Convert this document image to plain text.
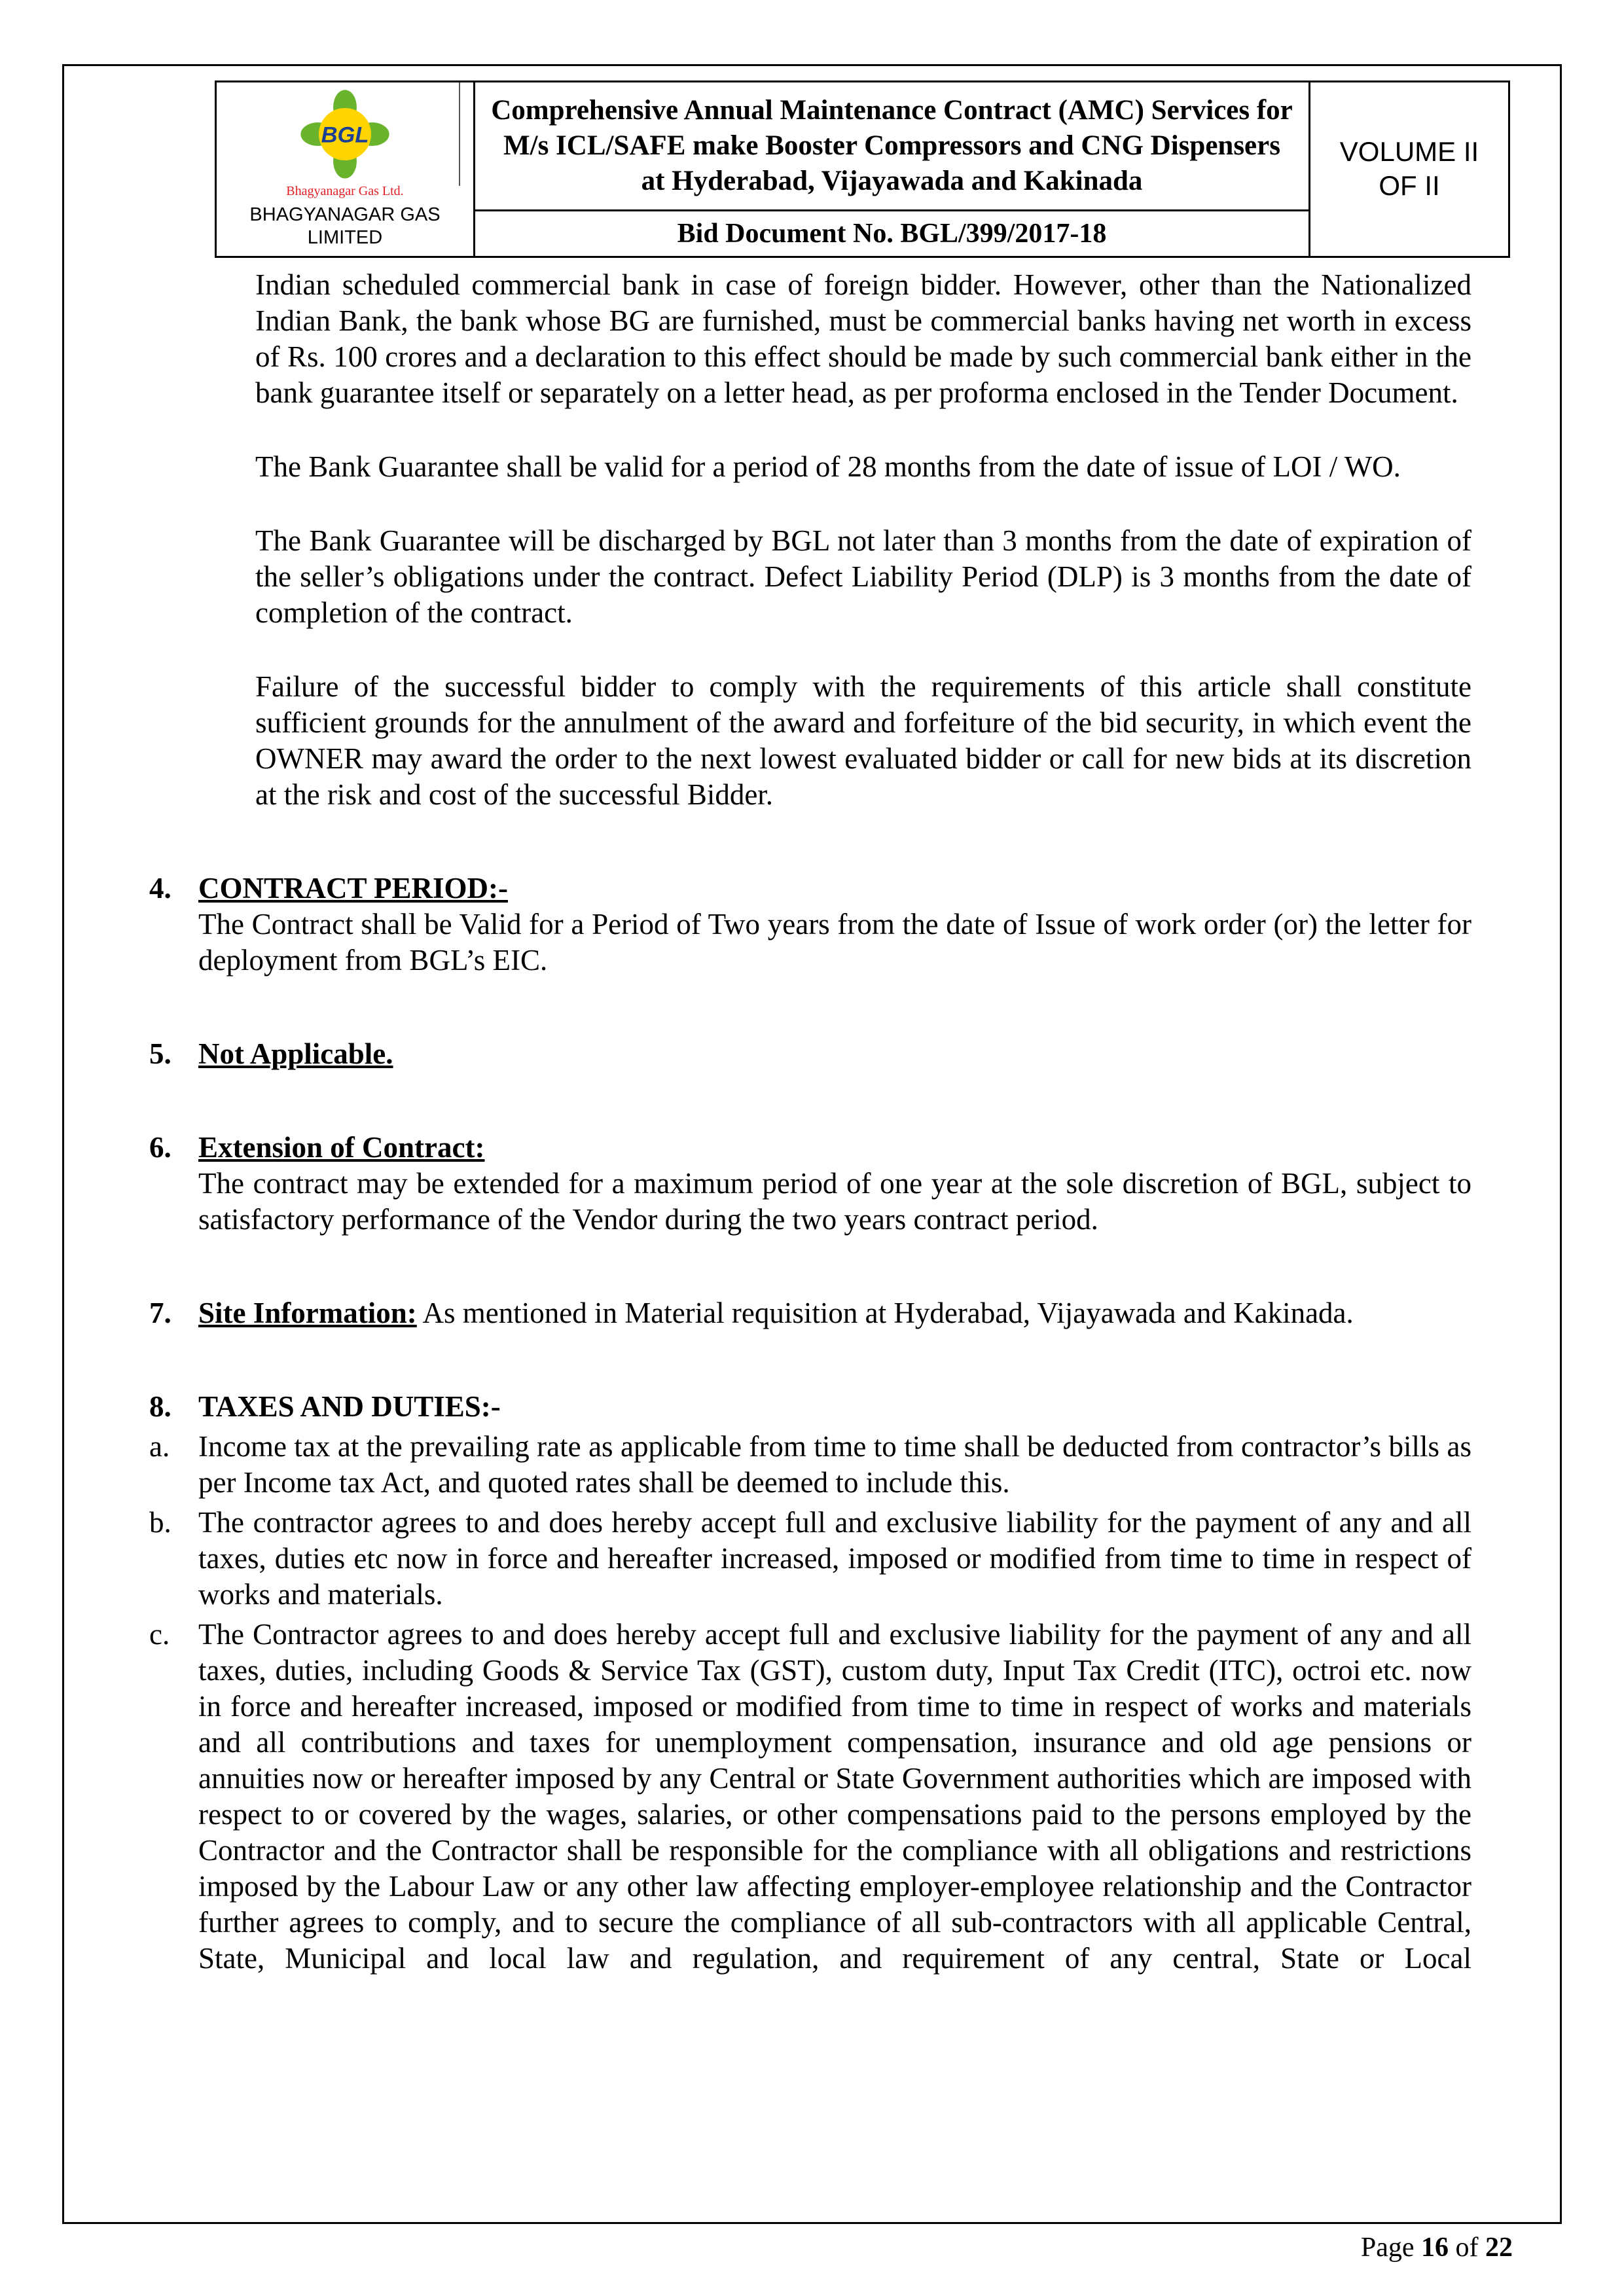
BGL
Bhagyanagar Gas Ltd.
BHAGYANAGAR GAS LIMITED

Comprehensive Annual Maintenance Contract (AMC) Services for M/s ICL/SAFE make Booster Compressors and CNG Dispensers at Hyderabad, Vijayawada and Kakinada

VOLUME II
OF II

Bid Document No. BGL/399/2017-18

Indian scheduled commercial bank in case of foreign bidder. However, other than the Nationalized Indian Bank, the bank whose BG are furnished, must be commercial banks having net worth in excess of Rs. 100 crores and a declaration to this effect should be made by such commercial bank either in the bank guarantee itself or separately on a letter head, as per proforma enclosed in the Tender Document.

The Bank Guarantee shall be valid for a period of 28 months from the date of issue of LOI / WO.

The Bank Guarantee will be discharged by BGL not later than 3 months from the date of expiration of the seller’s obligations under the contract. Defect Liability Period (DLP) is 3 months from the date of completion of the contract.

Failure of the successful bidder to comply with the requirements of this article shall constitute sufficient grounds for the annulment of the award and forfeiture of the bid security, in which event the OWNER may award the order to the next lowest evaluated bidder or call for new bids at its discretion at the risk and cost of the successful Bidder.

4. CONTRACT PERIOD:-

The Contract shall be Valid for a Period of Two years from the date of Issue of work order (or) the letter for deployment from BGL’s EIC.

5. Not Applicable.
6. Extension of Contract:

The contract may be extended for a maximum period of one year at the sole discretion of BGL, subject to satisfactory performance of the Vendor during the two years contract period.

7. Site Information: As mentioned in Material requisition at Hyderabad, Vijayawada and Kakinada.
8. TAXES AND DUTIES:-
a. Income tax at the prevailing rate as applicable from time to time shall be deducted from contractor’s bills as per Income tax Act, and quoted rates shall be deemed to include this.
b. The contractor agrees to and does hereby accept full and exclusive liability for the payment of any and all taxes, duties etc now in force and hereafter increased, imposed or modified from time to time in respect of works and materials.
c. The Contractor agrees to and does hereby accept full and exclusive liability for the payment of any and all taxes, duties, including Goods & Service Tax (GST), custom duty, Input Tax Credit (ITC), octroi etc. now in force and hereafter increased, imposed or modified from time to time in respect of works and materials and all contributions and taxes for unemployment compensation, insurance and old age pensions or annuities now or hereafter imposed by any Central or State Government authorities which are imposed with respect to or covered by the wages, salaries, or other compensations paid to the persons employed by the Contractor and the Contractor shall be responsible for the compliance with all obligations and restrictions imposed by the Labour Law or any other law affecting employer-employee relationship and the Contractor further agrees to comply, and to secure the compliance of all sub-contractors with all applicable Central, State, Municipal and local law and regulation, and requirement of any central, State or Local
Page 16 of 22
